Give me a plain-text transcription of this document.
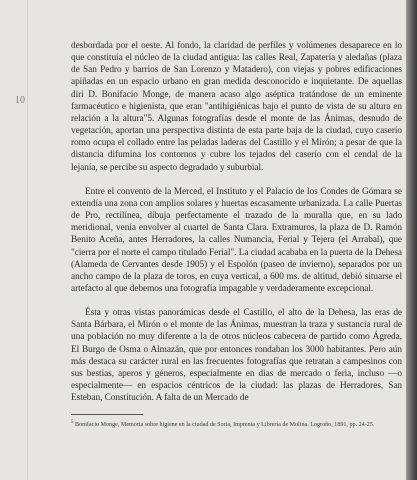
10

desbordada por el oeste. Al fondo, la claridad de perfiles y volúmenes desaparece en lo que constituía el núcleo de la ciudad antigua: las calles Real, Zapatería y aledañas (plaza de San Pedro y barrios de San Lorenzo y Matadero), con viejas y pobres edificaciones apiñadas en un espacio urbano en gran medida desconocido e inquietante. De aquellas diri D. Bonifacio Monge, de manera acaso algo aséptica tratándose de un eminente farmacéutico e higienista, que eran "antihigiénicas bajo el punto de vista de su altura en relación a la altura"5. Algunas fotografías desde el monte de las Ánimas, desnudo de vegetación, aportan una perspectiva distinta de esta parte baja de la ciudad, cuyo caserío romo ocupa el collado entre las peladas laderas del Castillo y el Mirón; a pesar de que la distancia difumina los contornos y cubre los tejados del caserío con el cendal de la lejanía, se percibe su aspecto degradado y suburbial.

Entre el convento de la Merced, el Instituto y el Palacio de los Condes de Gómara se extendía una zona con amplios solares y huertas escasamente urbanizada. La calle Puertas de Pro, rectilínea, dibuja perfectamente el trazado de la muralla que, en su lado meridional, venía envolver al cuartel de Santa Clara. Extramuros, la plaza de D. Ramón Benito Aceña, antes Herradores, la calles Numancia, Ferial y Tejera (el Arrabal), que "cierra por el norte el campo titulado Ferial". La ciudad acababa en la puerta de la Dehesa (Alameda de Cervantes desde 1905) y el Espolón (paseo de invierno), separados por un ancho campo de la plaza de toros, en cuya vertical, a 600 ms. de altitud, debió situarse el artefacto al que debemos una fotografía impagable y verdaderamente excepcional.

Ésta y otras vistas panorámicas desde el Castillo, el alto de la Dehesa, las eras de Santa Bárbara, el Mirón o el monte de las Ánimas, muestran la traza y sustancia rural de una población no muy diferente a la de otros núcleos cabecera de partido como Ágreda, El Burgo de Osma o Almazán, que por entonces rondaban los 3000 habitantes. Pero aún más destaca su carácter rural en las frecuentes fotografías que retratan a campesinos con sus bestias, aperos y géneros, especialmente en días de mercado o feria, incluso —o especialmente— en espacios céntricos de la ciudad: las plazas de Herradores, San Esteban, Constitución. A falta de un Mercado de

$^5$ Bonifacio Monge, Memoria sobre higiene en la ciudad de Soria, Imprenta y Librería de Molina. Logroño, 1891, pp. 24-25.
